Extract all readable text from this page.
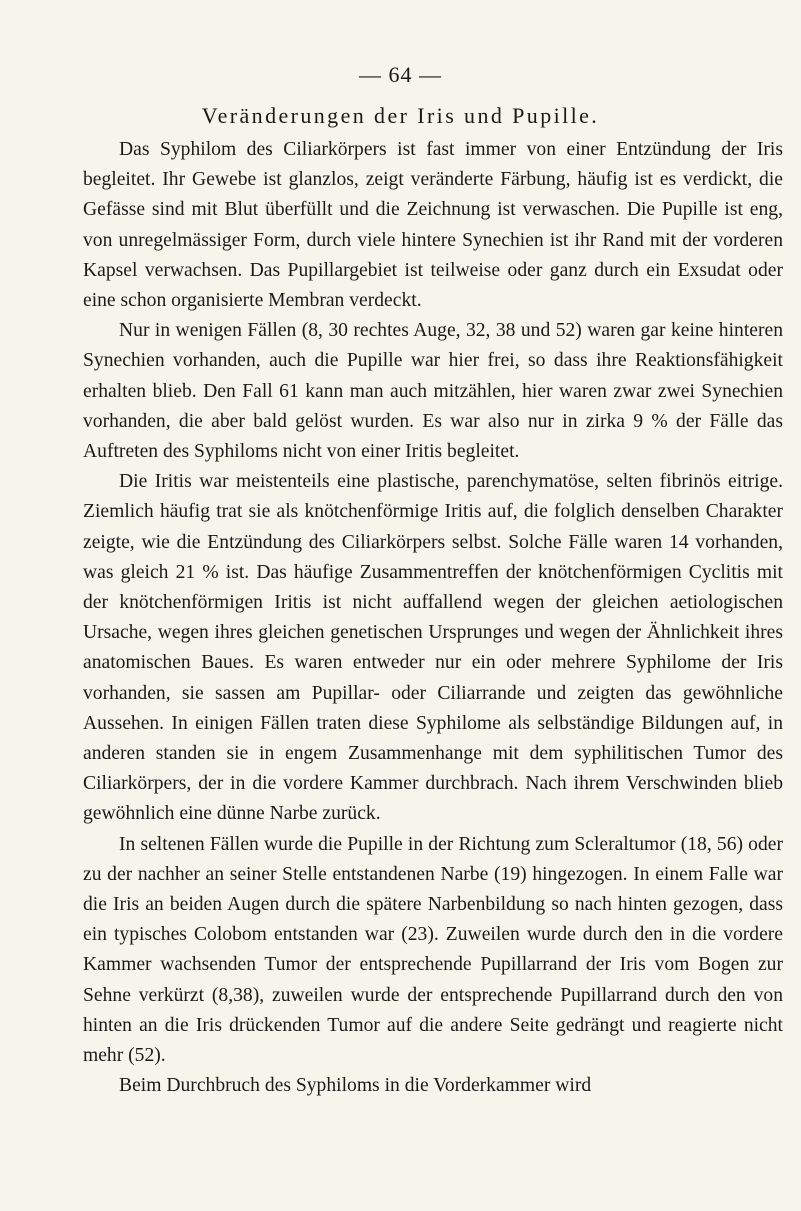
— 64 —
Veränderungen der Iris und Pupille.

Das Syphilom des Ciliarkörpers ist fast immer von einer Entzündung der Iris begleitet. Ihr Gewebe ist glanzlos, zeigt veränderte Färbung, häufig ist es verdickt, die Gefässe sind mit Blut überfüllt und die Zeichnung ist verwaschen. Die Pupille ist eng, von unregelmässiger Form, durch viele hintere Synechien ist ihr Rand mit der vorderen Kapsel verwachsen. Das Pupillargebiet ist teilweise oder ganz durch ein Exsudat oder eine schon organisierte Membran verdeckt.

Nur in wenigen Fällen (8, 30 rechtes Auge, 32, 38 und 52) waren gar keine hinteren Synechien vorhanden, auch die Pupille war hier frei, so dass ihre Reaktionsfähigkeit erhalten blieb. Den Fall 61 kann man auch mitzählen, hier waren zwar zwei Synechien vorhanden, die aber bald gelöst wurden. Es war also nur in zirka 9 % der Fälle das Auftreten des Syphiloms nicht von einer Iritis begleitet.

Die Iritis war meistenteils eine plastische, parenchymatöse, selten fibrinös eitrige. Ziemlich häufig trat sie als knötchenförmige Iritis auf, die folglich denselben Charakter zeigte, wie die Entzündung des Ciliarkörpers selbst. Solche Fälle waren 14 vorhanden, was gleich 21 % ist. Das häufige Zusammentreffen der knötchenförmigen Cyclitis mit der knötchenförmigen Iritis ist nicht auffallend wegen der gleichen aetiologischen Ursache, wegen ihres gleichen genetischen Ursprunges und wegen der Ähnlichkeit ihres anatomischen Baues. Es waren entweder nur ein oder mehrere Syphilome der Iris vorhanden, sie sassen am Pupillar- oder Ciliarrande und zeigten das gewöhnliche Aussehen. In einigen Fällen traten diese Syphilome als selbständige Bildungen auf, in anderen standen sie in engem Zusammenhange mit dem syphilitischen Tumor des Ciliarkörpers, der in die vordere Kammer durchbrach. Nach ihrem Verschwinden blieb gewöhnlich eine dünne Narbe zurück.

In seltenen Fällen wurde die Pupille in der Richtung zum Scleraltumor (18, 56) oder zu der nachher an seiner Stelle entstandenen Narbe (19) hingezogen. In einem Falle war die Iris an beiden Augen durch die spätere Narbenbildung so nach hinten gezogen, dass ein typisches Colobom entstanden war (23). Zuweilen wurde durch den in die vordere Kammer wachsenden Tumor der entsprechende Pupillarrand der Iris vom Bogen zur Sehne verkürzt (8,38), zuweilen wurde der entsprechende Pupillarrand durch den von hinten an die Iris drückenden Tumor auf die andere Seite gedrängt und reagierte nicht mehr (52).

Beim Durchbruch des Syphiloms in die Vorderkammer wird
